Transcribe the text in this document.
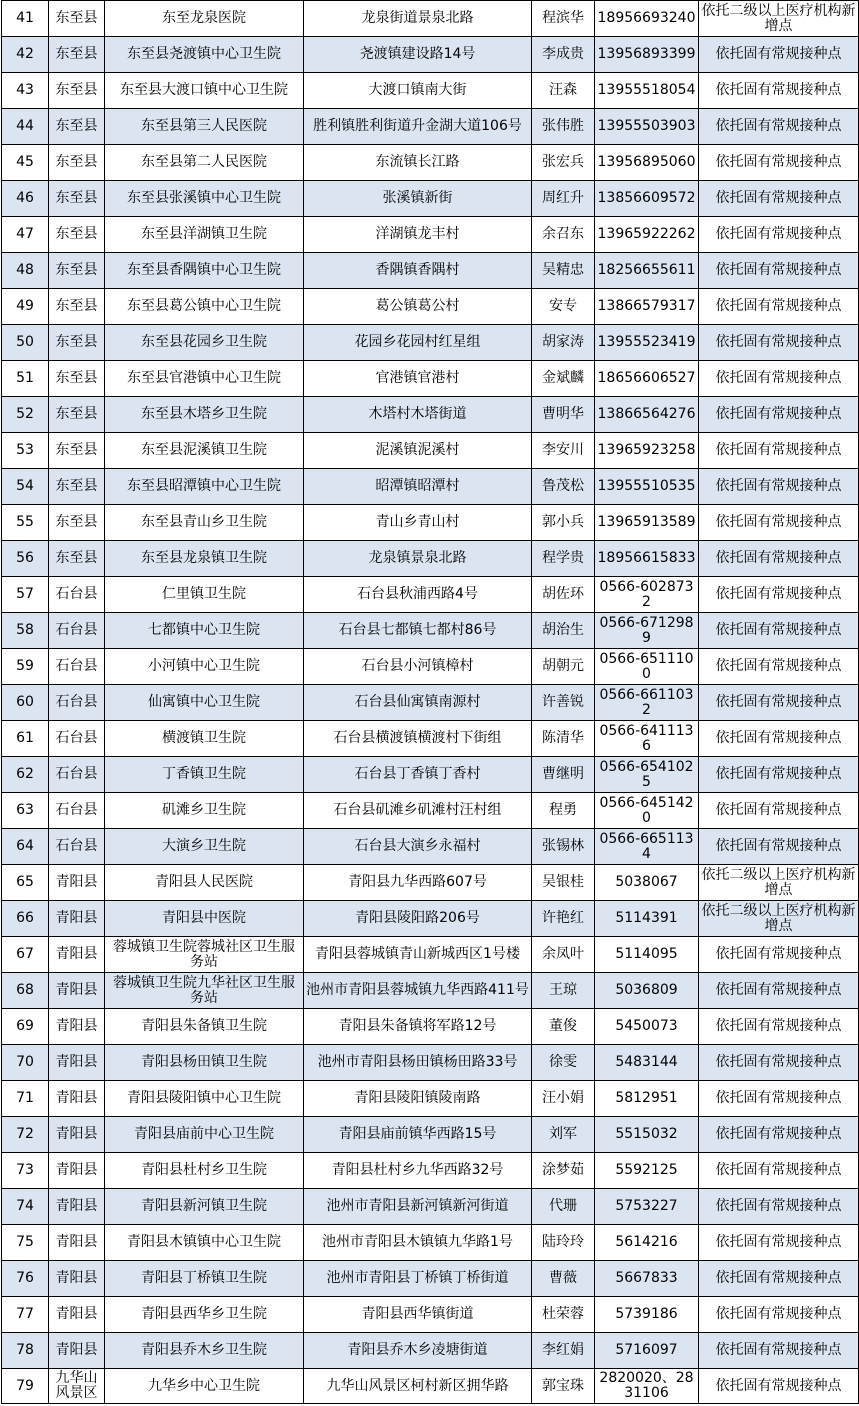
41	东至县	东至龙泉医院	龙泉街道景泉北路	程滨华	18956693240	依托二级以上医疗机构新增点
42	东至县	东至县尧渡镇中心卫生院	尧渡镇建设路14号	李成贵	13956893399	依托固有常规接种点
43	东至县	东至县大渡口镇中心卫生院	大渡口镇南大街	汪森	13955518054	依托固有常规接种点
44	东至县	东至县第三人民医院	胜利镇胜利街道升金湖大道106号	张伟胜	13955503903	依托固有常规接种点
45	东至县	东至县第二人民医院	东流镇长江路	张宏兵	13956895060	依托固有常规接种点
46	东至县	东至县张溪镇中心卫生院	张溪镇新街	周红升	13856609572	依托固有常规接种点
47	东至县	东至县洋湖镇卫生院	洋湖镇龙丰村	余召东	13965922262	依托固有常规接种点
48	东至县	东至县香隅镇中心卫生院	香隅镇香隅村	吴精忠	18256655611	依托固有常规接种点
49	东至县	东至县葛公镇中心卫生院	葛公镇葛公村	安专	13866579317	依托固有常规接种点
50	东至县	东至县花园乡卫生院	花园乡花园村红星组	胡家涛	13955523419	依托固有常规接种点
51	东至县	东至县官港镇中心卫生院	官港镇官港村	金斌麟	18656606527	依托固有常规接种点
52	东至县	东至县木塔乡卫生院	木塔村木塔街道	曹明华	13866564276	依托固有常规接种点
53	东至县	东至县泥溪镇卫生院	泥溪镇泥溪村	李安川	13965923258	依托固有常规接种点
54	东至县	东至县昭潭镇中心卫生院	昭潭镇昭潭村	鲁茂松	13955510535	依托固有常规接种点
55	东至县	东至县青山乡卫生院	青山乡青山村	郭小兵	13965913589	依托固有常规接种点
56	东至县	东至县龙泉镇卫生院	龙泉镇景泉北路	程学贵	18956615833	依托固有常规接种点
57	石台县	仁里镇卫生院	石台县秋浦西路4号	胡佐环	0566-6028732	依托固有常规接种点
58	石台县	七都镇中心卫生院	石台县七都镇七都村86号	胡治生	0566-6712989	依托固有常规接种点
59	石台县	小河镇中心卫生院	石台县小河镇樟村	胡朝元	0566-6511100	依托固有常规接种点
60	石台县	仙寓镇中心卫生院	石台县仙寓镇南源村	许善锐	0566-6611032	依托固有常规接种点
61	石台县	横渡镇卫生院	石台县横渡镇横渡村下街组	陈清华	0566-6411136	依托固有常规接种点
62	石台县	丁香镇卫生院	石台县丁香镇丁香村	曹继明	0566-6541025	依托固有常规接种点
63	石台县	矶滩乡卫生院	石台县矶滩乡矶滩村汪村组	程勇	0566-6451420	依托固有常规接种点
64	石台县	大演乡卫生院	石台县大演乡永福村	张锡林	0566-6651134	依托固有常规接种点
65	青阳县	青阳县人民医院	青阳县九华西路607号	吴银桂	5038067	依托二级以上医疗机构新增点
66	青阳县	青阳县中医院	青阳县陵阳路206号	许艳红	5114391	依托二级以上医疗机构新增点
67	青阳县	蓉城镇卫生院蓉城社区卫生服务站	青阳县蓉城镇青山新城西区1号楼	余凤叶	5114095	依托固有常规接种点
68	青阳县	蓉城镇卫生院九华社区卫生服务站	池州市青阳县蓉城镇九华西路411号	王琼	5036809	依托固有常规接种点
69	青阳县	青阳县朱备镇卫生院	青阳县朱备镇将军路12号	董俊	5450073	依托固有常规接种点
70	青阳县	青阳县杨田镇卫生院	池州市青阳县杨田镇杨田路33号	徐雯	5483144	依托固有常规接种点
71	青阳县	青阳县陵阳镇中心卫生院	青阳县陵阳镇陵南路	汪小娟	5812951	依托固有常规接种点
72	青阳县	青阳县庙前中心卫生院	青阳县庙前镇华西路15号	刘军	5515032	依托固有常规接种点
73	青阳县	青阳县杜村乡卫生院	青阳县杜村乡九华西路32号	涂梦茹	5592125	依托固有常规接种点
74	青阳县	青阳县新河镇卫生院	池州市青阳县新河镇新河街道	代珊	5753227	依托固有常规接种点
75	青阳县	青阳县木镇镇中心卫生院	池州市青阳县木镇镇九华路1号	陆玲玲	5614216	依托固有常规接种点
76	青阳县	青阳县丁桥镇卫生院	池州市青阳县丁桥镇丁桥街道	曹薇	5667833	依托固有常规接种点
77	青阳县	青阳县西华乡卫生院	青阳县西华镇街道	杜荣蓉	5739186	依托固有常规接种点
78	青阳县	青阳县乔木乡卫生院	青阳县乔木乡凌塘街道	李红娟	5716097	依托固有常规接种点
79	九华山风景区	九华乡中心卫生院	九华山风景区柯村新区拥华路	郭宝珠	2820020、2831106	依托固有常规接种点
